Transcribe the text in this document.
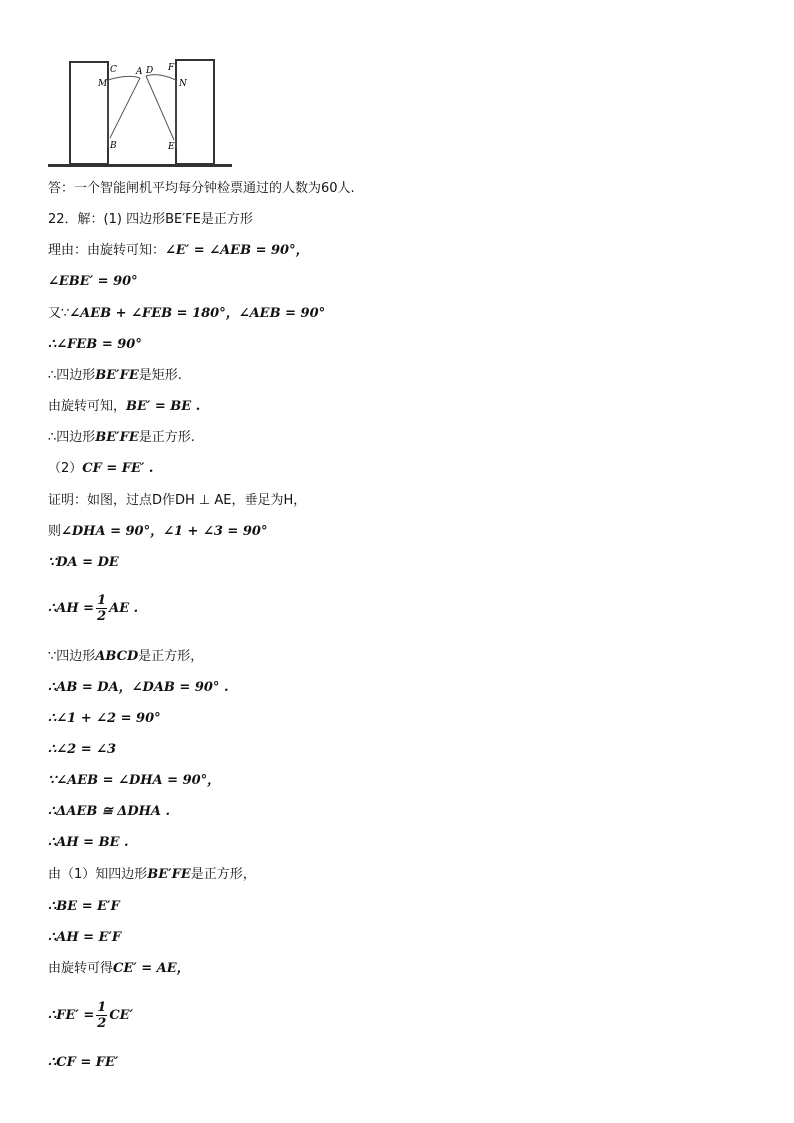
C A D F
M	N
B	E
答：一个智能闸机平均每分钟检票通过的人数为60人.
22．解：(1) 四边形BE′FE是正方形
理由：由旋转可知：∠E′ = ∠AEB = 90°，
∠EBE′ = 90°
又∵∠AEB + ∠FEB = 180°，∠AEB = 90°
∴∠FEB = 90°
∴四边形BE′FE是矩形.
由旋转可知，BE′ = BE .
∴四边形BE′FE是正方形.
（2）CF = FE′ .
证明：如图，过点D作DH ⊥ AE，垂足为H，
则∠DHA = 90°，∠1 + ∠3 = 90°
∵DA = DE
∴AH = $\frac{1}{2}$ AE .
∵四边形ABCD是正方形，
∴AB = DA，∠DAB = 90° .
∴∠1 + ∠2 = 90°
∴∠2 = ∠3
∵∠AEB = ∠DHA = 90°，
∴ΔAEB ≅ ΔDHA .
∴AH = BE .
由（1）知四边形BE′FE是正方形，
∴BE = E′F
∴AH = E′F
由旋转可得CE′ = AE，
∴FE′ = $\frac{1}{2} CE'$
∴CF = FE′
